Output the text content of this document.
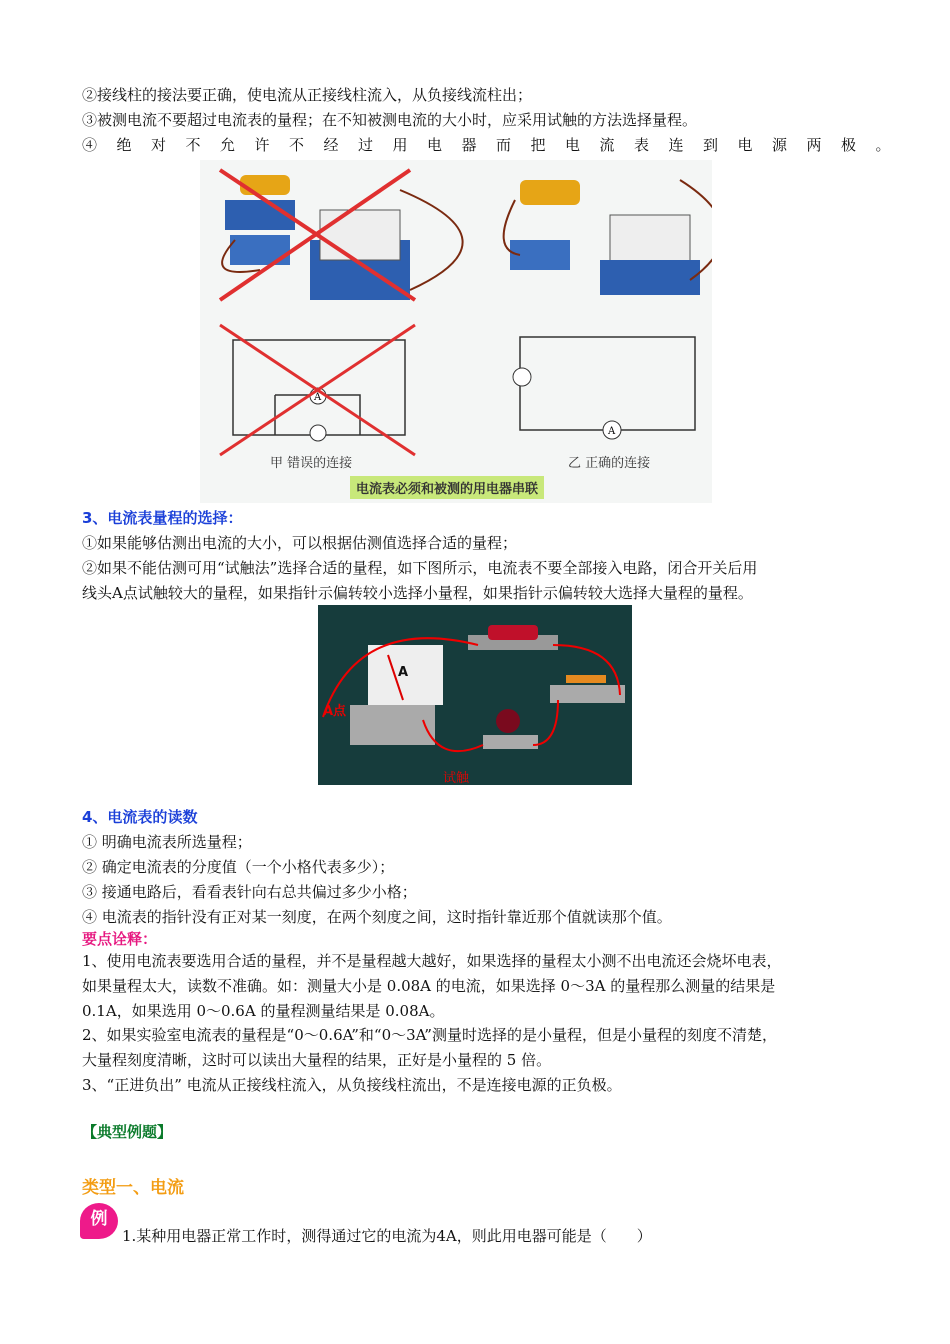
②接线柱的接法要正确，使电流从正接线柱流入，从负接线流柱出；
③被测电流不要超过电流表的量程；在不知被测电流的大小时，应采用试触的方法选择量程。
④绝对不允许不经过用电器而把电流表连到电源两极。
A
A
甲 错误的连接	乙 正确的连接
电流表必须和被测的用电器串联
3、电流表量程的选择：
①如果能够估测出电流的大小，可以根据估测值选择合适的量程；
②如果不能估测可用“试触法”选择合适的量程，如下图所示，电流表不要全部接入电路，闭合开关后用
线头A点试触较大的量程，如果指针示偏转较小选择小量程，如果指针示偏转较大选择大量程的量程。
A点
试触
A
4、电流表的读数
① 明确电流表所选量程；
② 确定电流表的分度值（一个小格代表多少）；
③ 接通电路后，看看表针向右总共偏过多少小格；
④ 电流表的指针没有正对某一刻度，在两个刻度之间，这时指针靠近那个值就读那个值。
要点诠释：
1、使用电流表要选用合适的量程，并不是量程越大越好，如果选择的量程太小测不出电流还会烧坏电表，
如果量程太大，读数不准确。如：测量大小是 0.08A 的电流，如果选择 0～3A 的量程那么测量的结果是
0.1A，如果选用 0～0.6A 的量程测量结果是 0.08A。
2、如果实验室电流表的量程是“0～0.6A”和“0～3A”测量时选择的是小量程，但是小量程的刻度不清楚，
大量程刻度清晰，这时可以读出大量程的结果，正好是小量程的 5 倍。
3、“正进负出” 电流从正接线柱流入，从负接线柱流出，不是连接电源的正负极。
【典型例题】
类型一、电流
例
1.某种用电器正常工作时，测得通过它的电流为4A，则此用电器可能是（　　）
